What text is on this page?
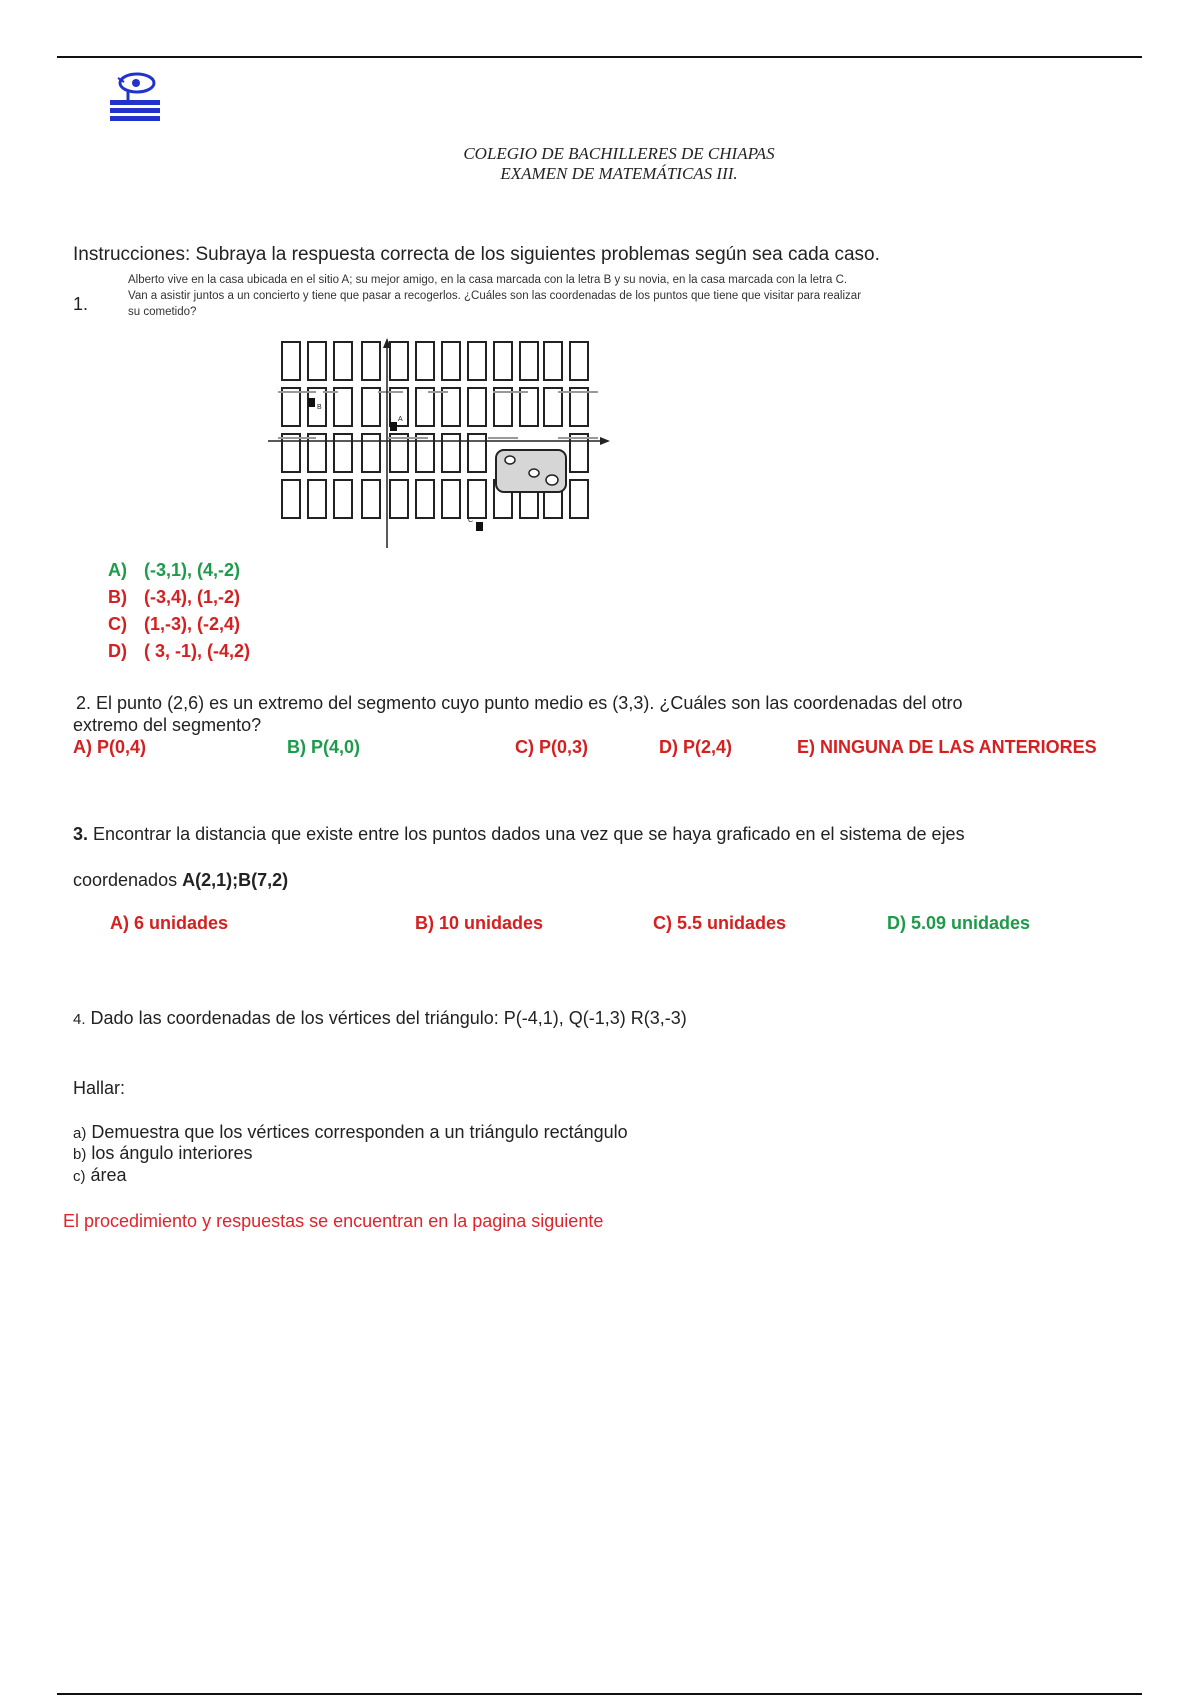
COLEGIO DE BACHILLERES DE CHIAPAS
EXAMEN DE MATEMÁTICAS III.
Instrucciones: Subraya la respuesta correcta de los siguientes problemas según sea cada caso.
1.
Alberto vive en la casa ubicada en el sitio A; su mejor amigo, en la casa marcada con la letra B y su novia, en la casa marcada con la letra C.
Van a asistir juntos a un concierto y tiene que pasar a recogerlos. ¿Cuáles son las coordenadas de los puntos que tiene que visitar para realizar
su cometido?
B
A
C
A) (-3,1), (4,-2)
B) (-3,4), (1,-2)
C) (1,-3), (-2,4)
D) ( 3, -1), (-4,2)
2. El punto (2,6) es un extremo del segmento cuyo punto medio es (3,3). ¿Cuáles son las coordenadas del otro
extremo del segmento?
A) P(0,4)	B) P(4,0)	C) P(0,3)	D) P(2,4)	E) NINGUNA DE LAS ANTERIORES
3. Encontrar la distancia que existe entre los puntos dados una vez que se haya graficado en el sistema de ejes
coordenados A(2,1);B(7,2)
A) 6 unidades	B) 10 unidades	C) 5.5 unidades	D) 5.09 unidades
4. Dado las coordenadas de los vértices del triángulo: P(-4,1), Q(-1,3) R(3,-3)
Hallar:
a) Demuestra que los vértices corresponden a un triángulo rectángulo
b) los ángulo interiores
c) área
El procedimiento y respuestas se encuentran en la pagina siguiente
